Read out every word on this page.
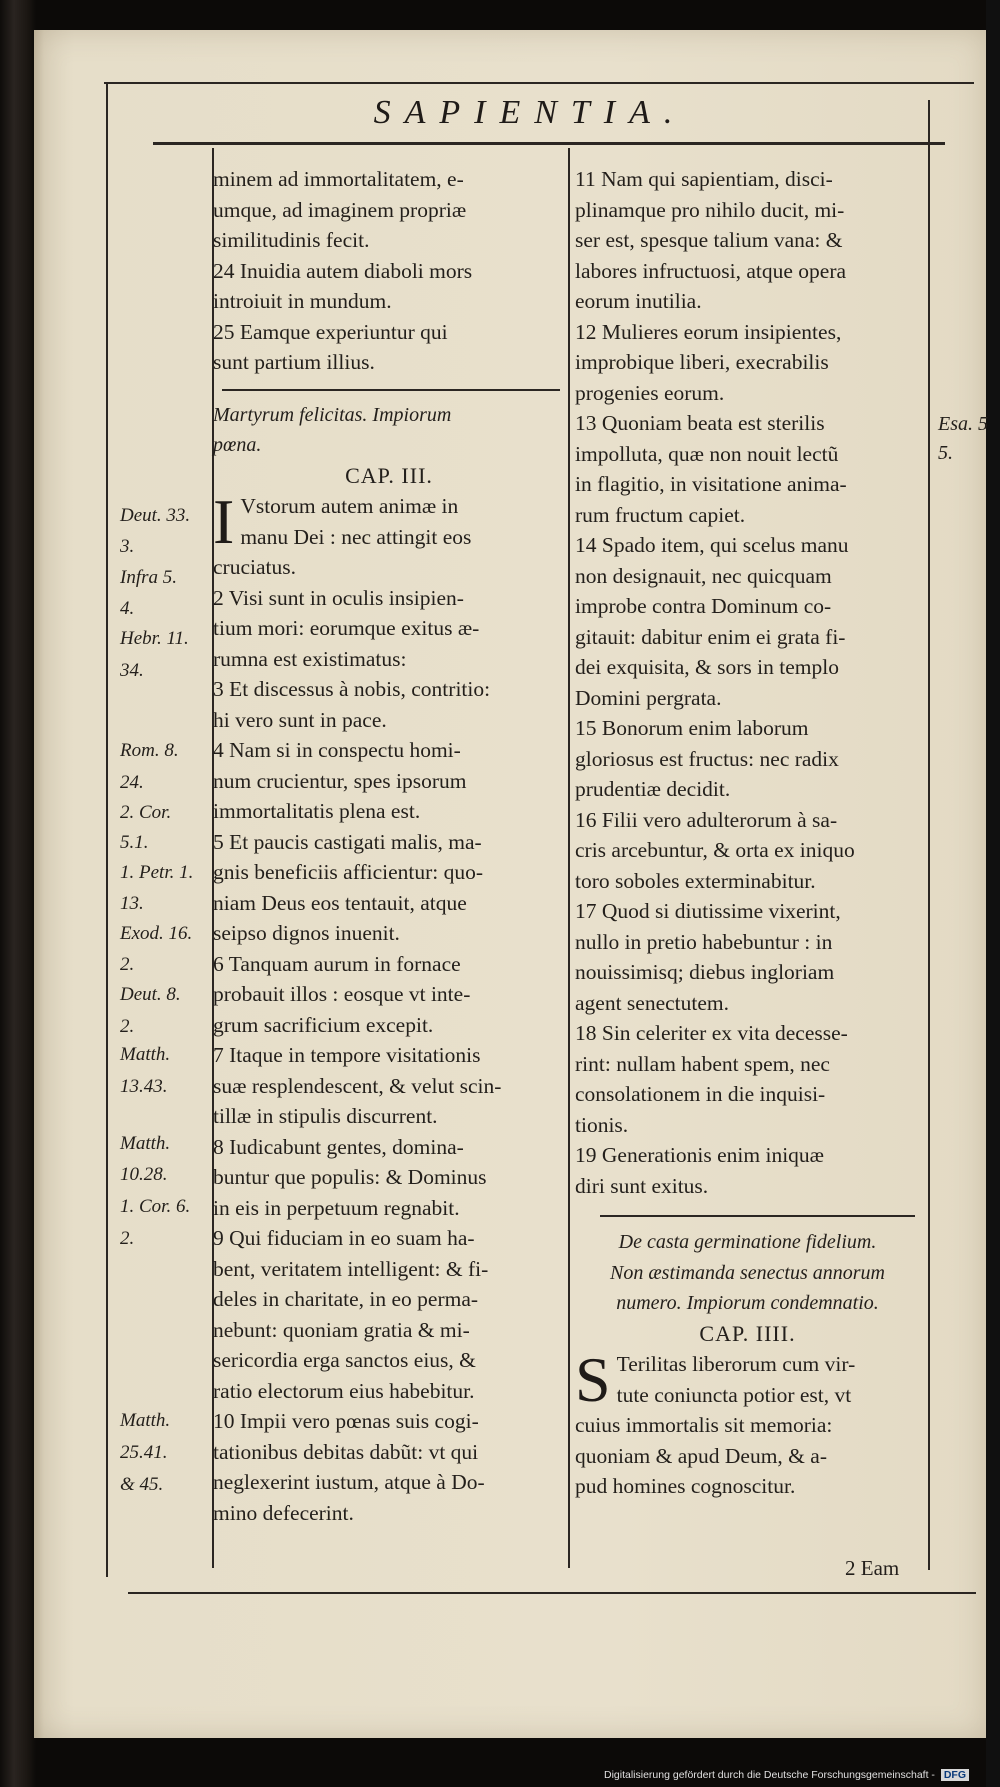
SAPIENTIA.
minem ad immortalitatem, e-
umque, ad imaginem propriæ
similitudinis fecit.
24 Inuidia autem diaboli mors
introiuit in mundum.
25 Eamque experiuntur qui
sunt partium illius.
Martyrum felicitas. Impiorum
pœna.
CAP. III.
I Vstorum autem animæ in
manu Dei : nec attingit eos
cruciatus.
2 Visi sunt in oculis insipien-
tium mori: eorumque exitus æ-
rumna est existimatus:
3 Et discessus à nobis, contritio:
hi vero sunt in pace.
4 Nam si in conspectu homi-
num crucientur, spes ipsorum
immortalitatis plena est.
5 Et paucis castigati malis, ma-
gnis beneficiis afficientur: quo-
niam Deus eos tentauit, atque
seipso dignos inuenit.
6 Tanquam aurum in fornace
probauit illos : eosque vt inte-
grum sacrificium excepit.
7 Itaque in tempore visitationis
suæ resplendescent, & velut scin-
tillæ in stipulis discurrent.
8 Iudicabunt gentes, domina-
buntur que populis: & Dominus
in eis in perpetuum regnabit.
9 Qui fiduciam in eo suam ha-
bent, veritatem intelligent: & fi-
deles in charitate, in eo perma-
nebunt: quoniam gratia & mi-
sericordia erga sanctos eius, &
ratio electorum eius habebitur.
10 Impii vero pœnas suis cogi-
tationibus debitas dabũt: vt qui
neglexerint iustum, atque à Do-
mino defecerint.
11 Nam qui sapientiam, disci-
plinamque pro nihilo ducit, mi-
ser est, spesque talium vana: &
labores infructuosi, atque opera
eorum inutilia.
12 Mulieres eorum insipientes,
improbique liberi, execrabilis
progenies eorum.
13 Quoniam beata est sterilis
impolluta, quæ non nouit lectũ
in flagitio, in visitatione anima-
rum fructum capiet.
14 Spado item, qui scelus manu
non designauit, nec quicquam
improbe contra Dominum co-
gitauit: dabitur enim ei grata fi-
dei exquisita, & sors in templo
Domini pergrata.
15 Bonorum enim laborum
gloriosus est fructus: nec radix
prudentiæ decidit.
16 Filii vero adulterorum à sa-
cris arcebuntur, & orta ex iniquo
toro soboles exterminabitur.
17 Quod si diutissime vixerint,
nullo in pretio habebuntur : in
nouissimisq; diebus ingloriam
agent senectutem.
18 Sin celeriter ex vita decesse-
rint: nullam habent spem, nec
consolationem in die inquisi-
tionis.
19 Generationis enim iniquæ
diri sunt exitus.
De casta germinatione fidelium.
Non æstimanda senectus annorum
numero. Impiorum condemnatio.
CAP. IIII.
S Terilitas liberorum cum vir-
tute coniuncta potior est, vt
cuius immortalis sit memoria:
quoniam & apud Deum, & a-
pud homines cognoscitur.
Deut. 33.
3.
Infra 5.
4.
Hebr. 11.
34.
Rom. 8.
24.
2. Cor.
5.1.
1. Petr. 1.
13.
Exod. 16.
2.
Deut. 8.
2.
Matth.
13.43.
Matth.
10.28.
1. Cor. 6.
2.
Matth.
25.41.
& 45.
Esa. 5
5.
2 Eam
Digitalisierung gefördert durch die Deutsche Forschungsgemeinschaft - DFG
